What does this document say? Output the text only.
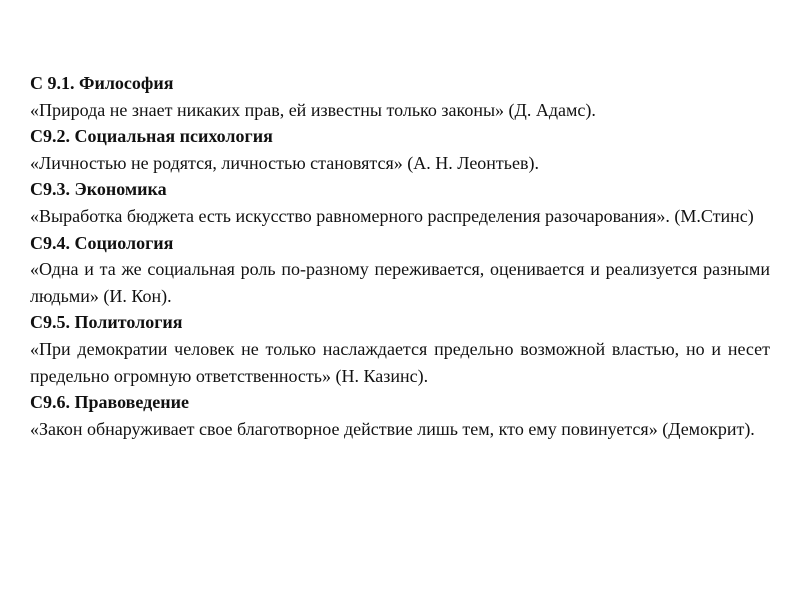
С 9.1. Философия

«Природа не знает никаких прав, ей известны только законы» (Д. Адамс).

С9.2. Социальная психология

«Личностью не родятся, личностью становятся» (А. Н. Леонтьев).

С9.3. Экономика

«Выработка бюджета есть искусство равномерного распределения разочарования». (М.Стинс)

С9.4. Социология

«Одна и та же социальная роль по-разному переживается, оценивается и реализуется разными людьми» (И. Кон).

С9.5. Политология

«При демократии человек не только наслаждается предельно возможной властью, но и несет предельно огромную ответственность» (Н. Казинс).

С9.6. Правоведение

«Закон обнаруживает свое благотворное действие лишь тем, кто ему повинуется» (Демокрит).
